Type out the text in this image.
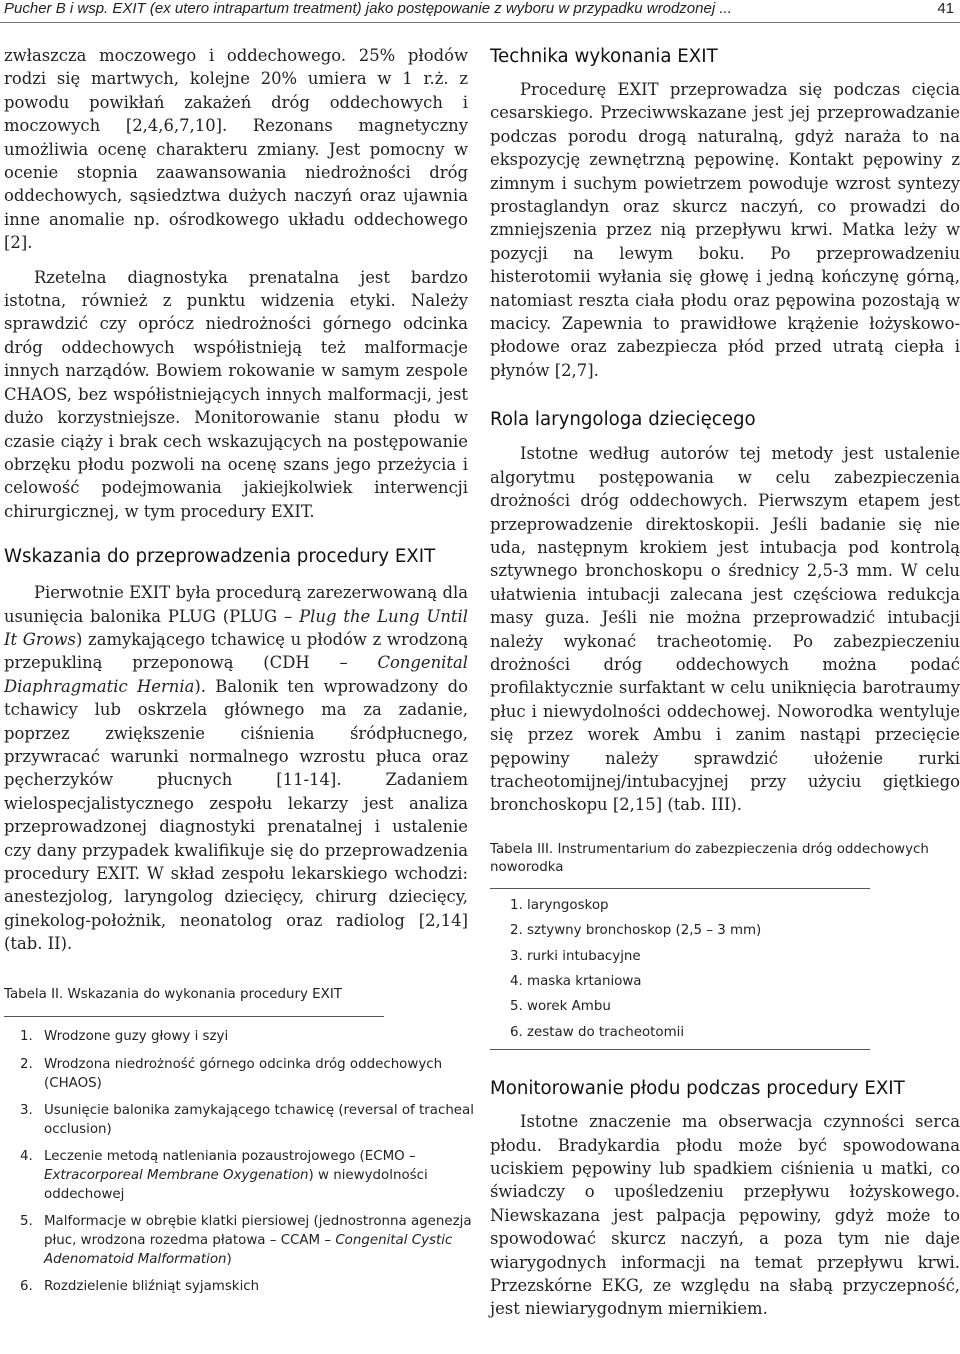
Pucher B i wsp. EXIT (ex utero intrapartum treatment) jako postępowanie z wyboru w przypadku wrodzonej ...	41

zwłaszcza moczowego i oddechowego. 25% płodów rodzi się martwych, kolejne 20% umiera w 1 r.ż. z powodu powikłań zakażeń dróg oddechowych i moczowych [2,4,6,7,10]. Rezonans magnetyczny umożliwia ocenę charakteru zmiany. Jest pomocny w ocenie stopnia zaawansowania niedrożności dróg oddechowych, sąsiedztwa dużych naczyń oraz ujawnia inne anomalie np. ośrodkowego układu oddechowego [2].

Rzetelna diagnostyka prenatalna jest bardzo istotna, również z punktu widzenia etyki. Należy sprawdzić czy oprócz niedrożności górnego odcinka dróg oddechowych współistnieją też malformacje innych narządów. Bowiem rokowanie w samym zespole CHAOS, bez współistniejących innych malformacji, jest dużo korzystniejsze. Monitorowanie stanu płodu w czasie ciąży i brak cech wskazujących na postępowanie obrzęku płodu pozwoli na ocenę szans jego przeżycia i celowość podejmowania jakiejkolwiek interwencji chirurgicznej, w tym procedury EXIT.

Wskazania do przeprowadzenia procedury EXIT

Pierwotnie EXIT była procedurą zarezerwowaną dla usunięcia balonika PLUG (PLUG – Plug the Lung Until It Grows) zamykającego tchawicę u płodów z wrodzoną przepukliną przeponową (CDH – Congenital Diaphragmatic Hernia). Balonik ten wprowadzony do tchawicy lub oskrzela głównego ma za zadanie, poprzez zwiększenie ciśnienia śródpłucnego, przywracać warunki normalnego wzrostu płuca oraz pęcherzyków płucnych [11-14]. Zadaniem wielospecjalistycznego zespołu lekarzy jest analiza przeprowadzonej diagnostyki prenatalnej i ustalenie czy dany przypadek kwalifikuje się do przeprowadzenia procedury EXIT. W skład zespołu lekarskiego wchodzi: anestezjolog, laryngolog dziecięcy, chirurg dziecięcy, ginekolog-położnik, neonatolog oraz radiolog [2,14] (tab. II).

Tabela II. Wskazania do wykonania procedury EXIT
1. Wrodzone guzy głowy i szyi
2. Wrodzona niedrożność górnego odcinka dróg oddechowych (CHAOS)
3. Usunięcie balonika zamykającego tchawicę (reversal of tracheal occlusion)
4. Leczenie metodą natleniania pozaustrojowego (ECMO – Extracorporeal Membrane Oxygenation) w niewydolności oddechowej
5. Malformacje w obrębie klatki piersiowej (jednostronna agenezja płuc, wrodzona rozedma płatowa – CCAM – Congenital Cystic Adenomatoid Malformation)
6. Rozdzielenie bliźniąt syjamskich
Technika wykonania EXIT

Procedurę EXIT przeprowadza się podczas cięcia cesarskiego. Przeciwwskazane jest jej przeprowadzanie podczas porodu drogą naturalną, gdyż naraża to na ekspozycję zewnętrzną pępowinę. Kontakt pępowiny z zimnym i suchym powietrzem powoduje wzrost syntezy prostaglandyn oraz skurcz naczyń, co prowadzi do zmniejszenia przez nią przepływu krwi. Matka leży w pozycji na lewym boku. Po przeprowadzeniu histerotomii wyłania się głowę i jedną kończynę górną, natomiast reszta ciała płodu oraz pępowina pozostają w macicy. Zapewnia to prawidłowe krążenie łożyskowo-płodowe oraz zabezpiecza płód przed utratą ciepła i płynów [2,7].

Rola laryngologa dziecięcego

Istotne według autorów tej metody jest ustalenie algorytmu postępowania w celu zabezpieczenia drożności dróg oddechowych. Pierwszym etapem jest przeprowadzenie direktoskopii. Jeśli badanie się nie uda, następnym krokiem jest intubacja pod kontrolą sztywnego bronchoskopu o średnicy 2,5-3 mm. W celu ułatwienia intubacji zalecana jest częściowa redukcja masy guza. Jeśli nie można przeprowadzić intubacji należy wykonać tracheotomię. Po zabezpieczeniu drożności dróg oddechowych można podać profilaktycznie surfaktant w celu uniknięcia barotraumy płuc i niewydolności oddechowej. Noworodka wentyluje się przez worek Ambu i zanim nastąpi przecięcie pępowiny należy sprawdzić ułożenie rurki tracheotomijnej/intubacyjnej przy użyciu giętkiego bronchoskopu [2,15] (tab. III).

Tabela III. Instrumentarium do zabezpieczenia dróg oddechowych noworodka
1. laryngoskop
2. sztywny bronchoskop (2,5 – 3 mm)
3. rurki intubacyjne
4. maska krtaniowa
5. worek Ambu
6. zestaw do tracheotomii
Monitorowanie płodu podczas procedury EXIT

Istotne znaczenie ma obserwacja czynności serca płodu. Bradykardia płodu może być spowodowana uciskiem pępowiny lub spadkiem ciśnienia u matki, co świadczy o upośledzeniu przepływu łożyskowego. Niewskazana jest palpacja pępowiny, gdyż może to spowodować skurcz naczyń, a poza tym nie daje wiarygodnych informacji na temat przepływu krwi. Przezskórne EKG, ze względu na słabą przyczepność, jest niewiarygodnym miernikiem.
